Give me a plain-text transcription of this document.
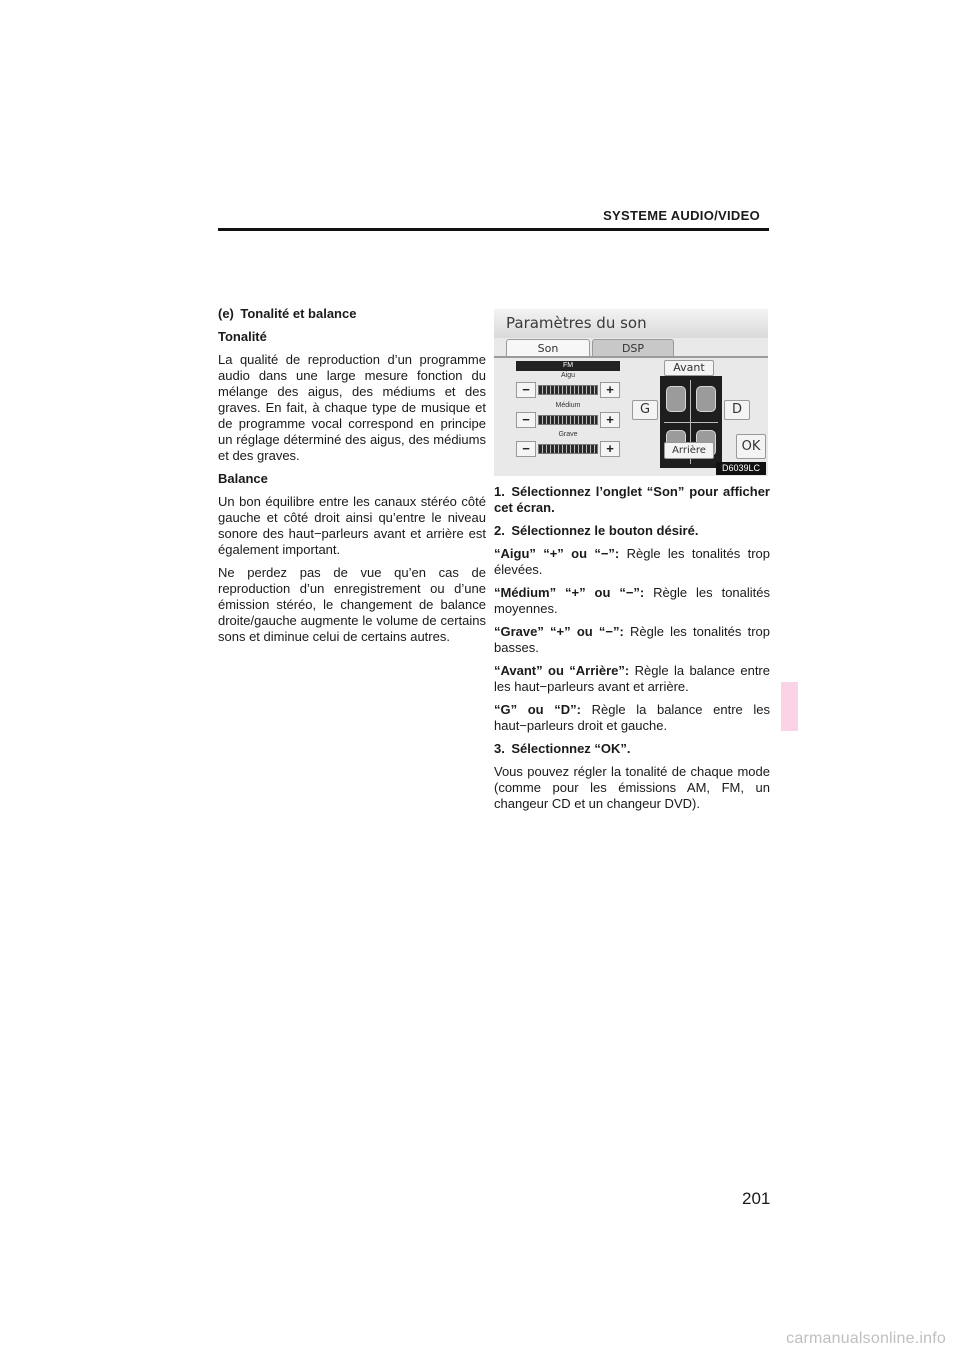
SYSTEME AUDIO/VIDEO

(e) Tonalité et balance

Tonalité

La qualité de reproduction d’un programme audio dans une large mesure fonction du mélange des aigus, des médiums et des graves. En fait, à chaque type de musique et de programme vocal correspond en principe un réglage déterminé des aigus, des médiums et des graves.

Balance

Un bon équilibre entre les canaux stéréo côté gauche et côté droit ainsi qu’entre le niveau sonore des haut−parleurs avant et arrière est également important.

Ne perdez pas de vue qu’en cas de reproduction d’un enregistrement ou d’une émission stéréo, le changement de balance droite/gauche augmente le volume de certains sons et diminue celui de certains autres.

Paramètres du son
Son	DSP
FM
Aigu
−	+
Médium
−	+
Grave
−	+
Avant
Arrière
G	D
OK
D6039LC

1. Sélectionnez l’onglet “Son” pour afficher cet écran.

2. Sélectionnez le bouton désiré.

“Aigu” “+” ou “−”: Règle les tonalités trop élevées.

“Médium” “+” ou “−”: Règle les tonalités moyennes.

“Grave” “+” ou “−”: Règle les tonalités trop basses.

“Avant” ou “Arrière”: Règle la balance entre les haut−parleurs avant et arrière.

“G” ou “D”: Règle la balance entre les haut−parleurs droit et gauche.

3. Sélectionnez “OK”.

Vous pouvez régler la tonalité de chaque mode (comme pour les émissions AM, FM, un changeur CD et un changeur DVD).

201
carmanualsonline.info
